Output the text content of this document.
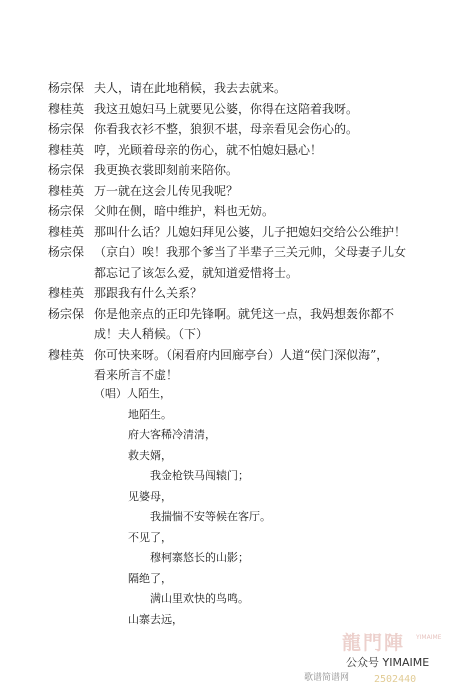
杨宗保 夫人，请在此地稍候，我去去就来。
穆桂英 我这丑媳妇马上就要见公婆，你得在这陪着我呀。
杨宗保 你看我衣衫不整，狼狈不堪，母亲看见会伤心的。
穆桂英 哼，光顾着母亲的伤心，就不怕媳妇悬心！
杨宗保 我更换衣裳即刻前来陪你。
穆桂英 万一就在这会儿传见我呢？
杨宗保 父帅在侧，暗中维护，料也无妨。
穆桂英 那叫什么话？儿媳妇拜见公婆，儿子把媳妇交给公公维护！
杨宗保 （京白）唉！我那个爹当了半辈子三关元帅，父母妻子儿女
都忘记了该怎么爱，就知道爱惜将士。
穆桂英 那跟我有什么关系？
杨宗保 你是他亲点的正印先锋啊。就凭这一点，我妈想轰你都不
成！夫人稍候。（下）
穆桂英 你可快来呀。（闲看府内回廊亭台）人道“侯门深似海”，
看来所言不虚！
（唱）人陌生，
地陌生。
府大客稀冷清清，
救夫婿，
我金枪铁马闯辕门；
见婆母，
我揣惴不安等候在客厅。
不见了，
穆柯寨悠长的山影；
隔绝了，
满山里欢快的鸟鸣。
山寨去远，
龍門陣 YIMAIME
公众号 YIMAIME
歌谱简谱网 2502440
